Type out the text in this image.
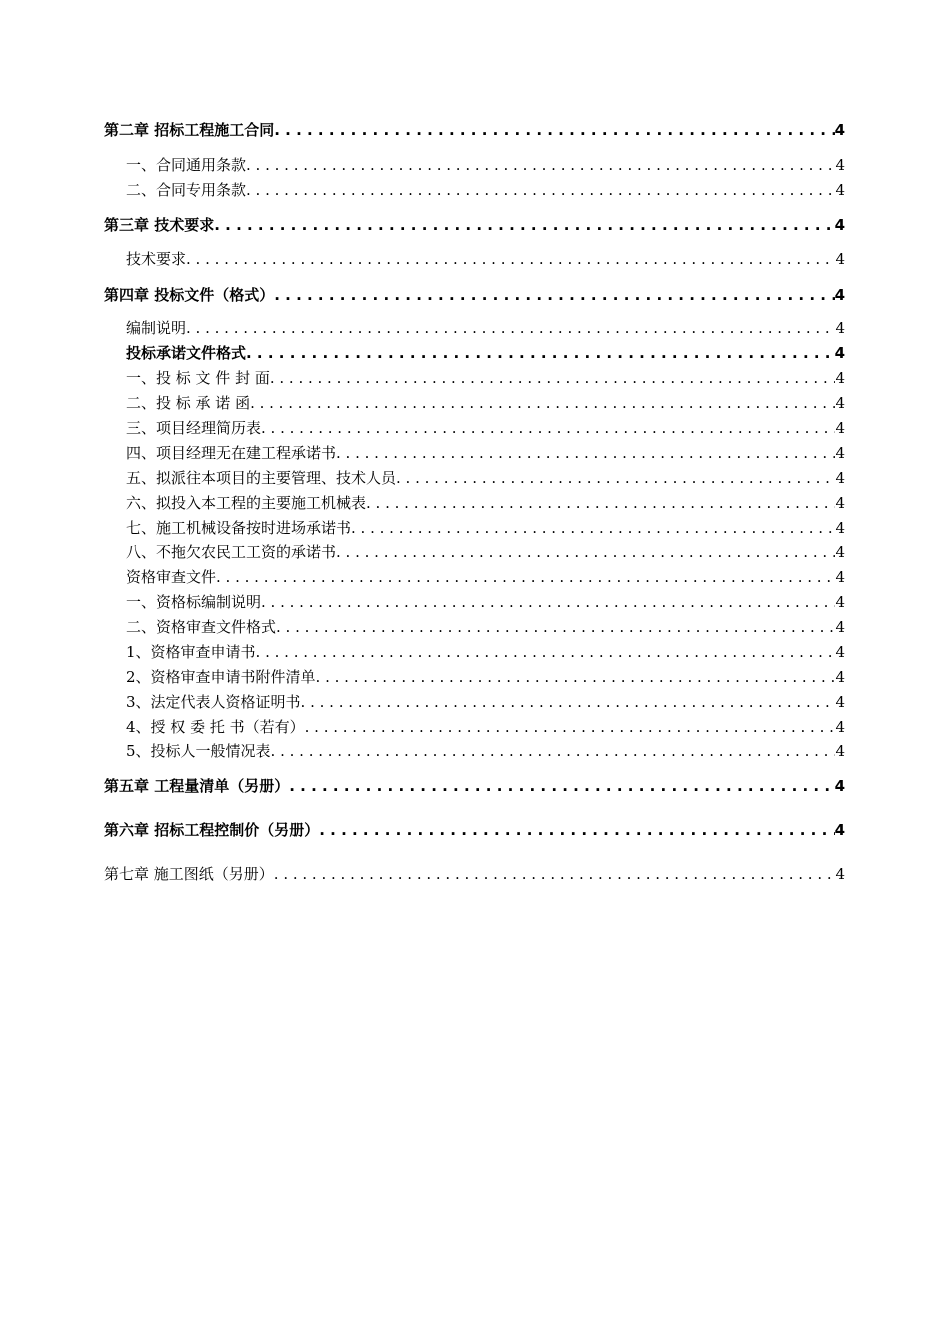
第二章 招标工程施工合同 . . .	4
一、合同通用条款 . . .	4
二、合同专用条款 . . .	4
第三章 技术要求 . . .	4
技术要求 . . .	4
第四章 投标文件（格式） . . .	4
编制说明 . . .	4
投标承诺文件格式 . . .	4
一、投 标 文 件 封 面 . . .	4
二、投 标 承 诺 函 . . .	4
三、项目经理简历表 . . .	4
四、项目经理无在建工程承诺书 . . .	4
五、拟派往本项目的主要管理、技术人员 . . .	4
六、拟投入本工程的主要施工机械表 . . .	4
七、施工机械设备按时进场承诺书 . . .	4
八、不拖欠农民工工资的承诺书 . . .	4
资格审查文件 . . .	4
一、资格标编制说明 . . .	4
二、资格审查文件格式 . . .	4
1、资格审查申请书 . . .	4
2、资格审查申请书附件清单 . . .	4
3、法定代表人资格证明书 . . .	4
4、授 权 委 托 书（若有） . . .	4
5、投标人一般情况表 . . .	4
第五章 工程量清单（另册） . . .	4
第六章 招标工程控制价（另册） . . .	4
第七章 施工图纸（另册） . . .	4
